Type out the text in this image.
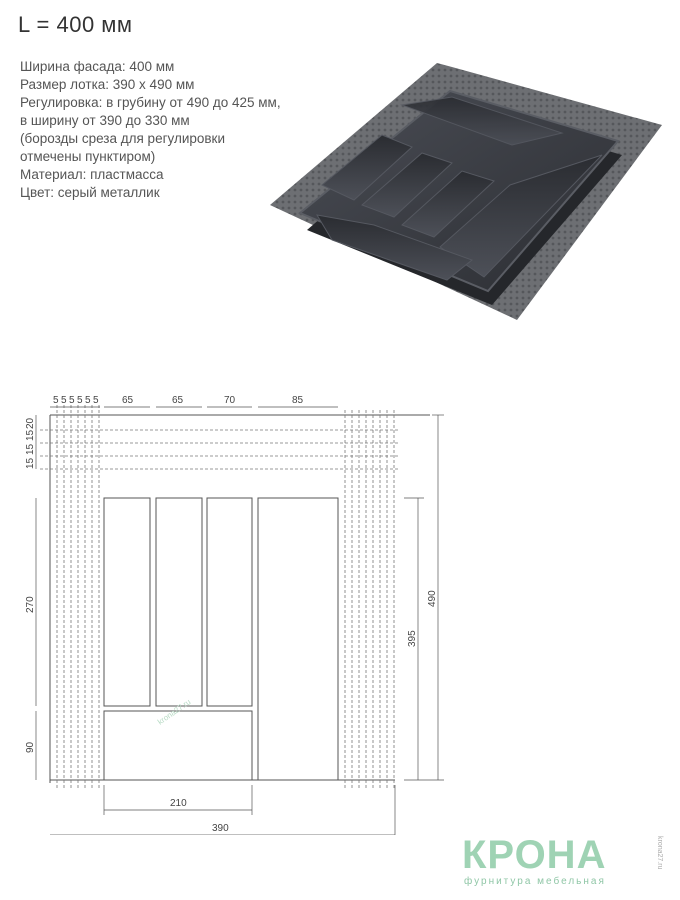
L = 400 мм
Ширина фасада: 400 мм
Размер лотка: 390 х 490 мм
Регулировка: в грубину от 490 до 425 мм,
в ширину от 390 до 330 мм
(борозды среза для регулировки
отмечены пунктиром)
Материал: пластмасса
Цвет: серый металлик
5 5 5 5 5 5 65	65	70	85
20
15
15
15
270
90
395
490
210
390
krona27.ru
КРОНА
фурнитура мебельная
krona27.ru
